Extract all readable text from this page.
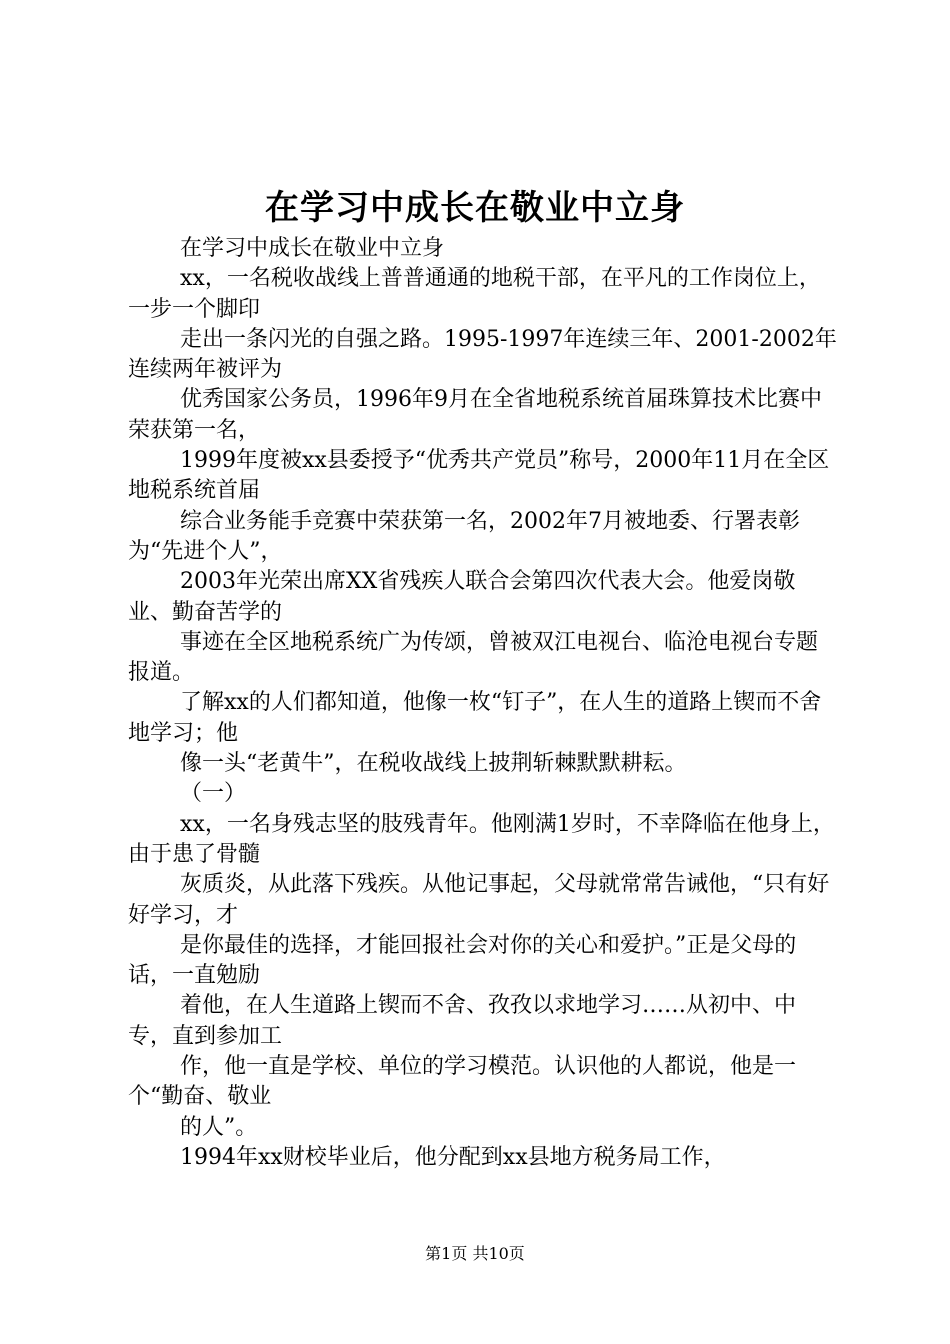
在学习中成长在敬业中立身

在学习中成长在敬业中立身

xx，一名税收战线上普普通通的地税干部，在平凡的工作岗位上，一步一个脚印

走出一条闪光的自强之路。1995-1997年连续三年、2001-2002年连续两年被评为

优秀国家公务员，1996年9月在全省地税系统首届珠算技术比赛中荣获第一名，

1999年度被xx县委授予“优秀共产党员”称号，2000年11月在全区地税系统首届

综合业务能手竞赛中荣获第一名，2002年7月被地委、行署表彰为“先进个人”，

2003年光荣出席XX省残疾人联合会第四次代表大会。他爱岗敬业、勤奋苦学的

事迹在全区地税系统广为传颂，曾被双江电视台、临沧电视台专题报道。

了解xx的人们都知道，他像一枚“钉子”，在人生的道路上锲而不舍地学习；他

像一头“老黄牛”，在税收战线上披荆斩棘默默耕耘。

（一）

xx，一名身残志坚的肢残青年。他刚满1岁时，不幸降临在他身上，由于患了骨髓

灰质炎，从此落下残疾。从他记事起，父母就常常告诫他，“只有好好学习，才

是你最佳的选择，才能回报社会对你的关心和爱护。”正是父母的话，一直勉励

着他，在人生道路上锲而不舍、孜孜以求地学习……从初中、中专，直到参加工

作，他一直是学校、单位的学习模范。认识他的人都说，他是一个“勤奋、敬业

的人”。

1994年xx财校毕业后，他分配到xx县地方税务局工作，

第1页 共10页
